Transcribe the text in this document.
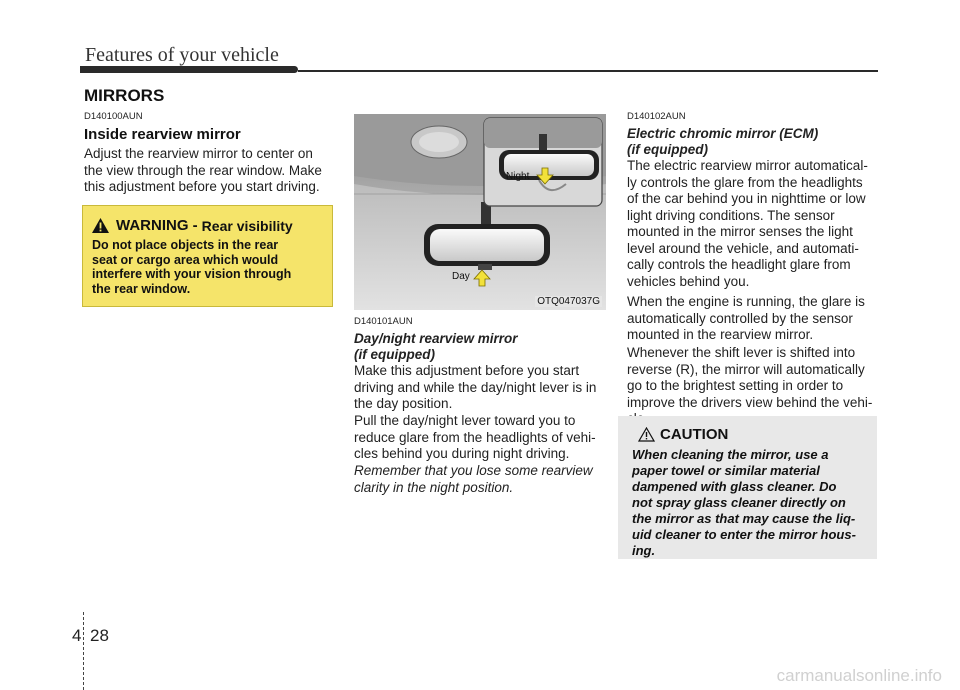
Features of your vehicle
MIRRORS
D140100AUN
Inside rearview mirror
Adjust the rearview mirror to center on
the view through the rear window. Make
this adjustment before you start driving.
WARNING - Rear visibility
Do not place objects in the rear
seat or cargo area which would
interfere with your vision through
the rear window.
Night
Day
OTQ047037G
D140101AUN
Day/night rearview mirror
(if equipped)
Make this adjustment before you start
driving and while the day/night lever is in
the day position.
Pull the day/night lever toward you to
reduce glare from the headlights of vehi-
cles behind you during night driving.
Remember that you lose some rearview
clarity in the night position.
D140102AUN
Electric chromic mirror (ECM)
(if equipped)
The electric rearview mirror automatical-
ly controls the glare from the headlights
of the car behind you in nighttime or low
light driving conditions. The sensor
mounted in the mirror senses the light
level around the vehicle, and automati-
cally controls the headlight glare from
vehicles behind you.
When the engine is running, the glare is
automatically controlled by the sensor
mounted in the rearview mirror.
Whenever the shift lever is shifted into
reverse (R), the mirror will automatically
go to the brightest setting in order to
improve the drivers view behind the vehi-
CAUTION
When cleaning the mirror, use a
paper towel or similar material
dampened with glass cleaner. Do
not spray glass cleaner directly on
the mirror as that may cause the liq-
uid cleaner to enter the mirror hous-
ing.
4 28
carmanualsonline.info
